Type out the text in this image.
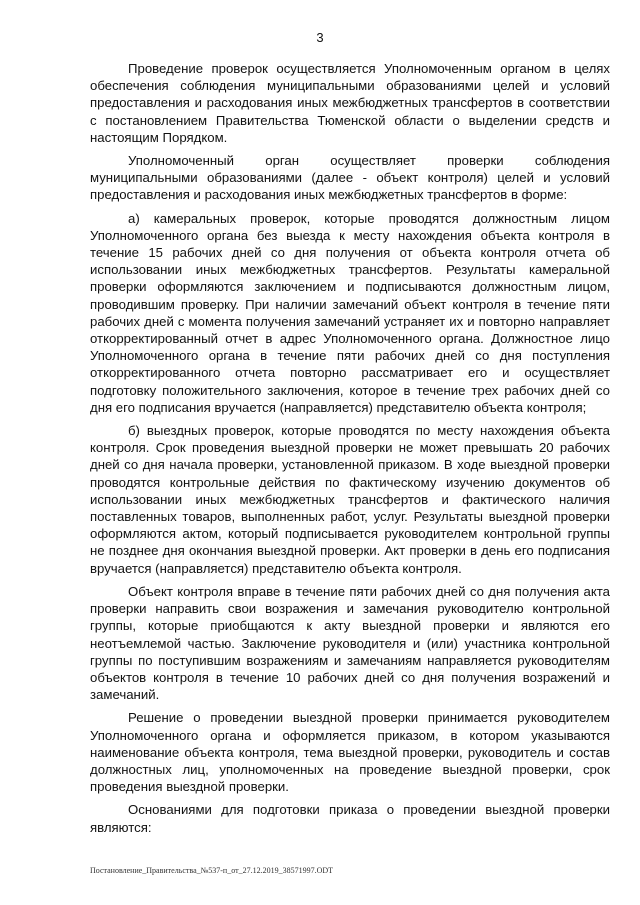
3

Проведение проверок осуществляется Уполномоченным органом в целях обеспечения соблюдения муниципальными образованиями целей и условий предоставления и расходования иных межбюджетных трансфертов в соответствии с постановлением Правительства Тюменской области о выделении средств и настоящим Порядком.

Уполномоченный орган осуществляет проверки соблюдения муниципальными образованиями (далее - объект контроля) целей и условий предоставления и расходования иных межбюджетных трансфертов в форме:

а) камеральных проверок, которые проводятся должностным лицом Уполномоченного органа без выезда к месту нахождения объекта контроля в течение 15 рабочих дней со дня получения от объекта контроля отчета об использовании иных межбюджетных трансфертов. Результаты камеральной проверки оформляются заключением и подписываются должностным лицом, проводившим проверку. При наличии замечаний объект контроля в течение пяти рабочих дней с момента получения замечаний устраняет их и повторно направляет откорректированный отчет в адрес Уполномоченного органа. Должностное лицо Уполномоченного органа в течение пяти рабочих дней со дня поступления откорректированного отчета повторно рассматривает его и осуществляет подготовку положительного заключения, которое в течение трех рабочих дней со дня его подписания вручается (направляется) представителю объекта контроля;

б) выездных проверок, которые проводятся по месту нахождения объекта контроля. Срок проведения выездной проверки не может превышать 20 рабочих дней со дня начала проверки, установленной приказом. В ходе выездной проверки проводятся контрольные действия по фактическому изучению документов об использовании иных межбюджетных трансфертов и фактического наличия поставленных товаров, выполненных работ, услуг. Результаты выездной проверки оформляются актом, который подписывается руководителем контрольной группы не позднее дня окончания выездной проверки. Акт проверки в день его подписания вручается (направляется) представителю объекта контроля.

Объект контроля вправе в течение пяти рабочих дней со дня получения акта проверки направить свои возражения и замечания руководителю контрольной группы, которые приобщаются к акту выездной проверки и являются его неотъемлемой частью. Заключение руководителя и (или) участника контрольной группы по поступившим возражениям и замечаниям направляется руководителям объектов контроля в течение 10 рабочих дней со дня получения возражений и замечаний.

Решение о проведении выездной проверки принимается руководителем Уполномоченного органа и оформляется приказом, в котором указываются наименование объекта контроля, тема выездной проверки, руководитель и состав должностных лиц, уполномоченных на проведение выездной проверки, срок проведения выездной проверки.

Основаниями для подготовки приказа о проведении выездной проверки являются:

Постановление_Правительства_№537-п_от_27.12.2019_38571997.ODT
